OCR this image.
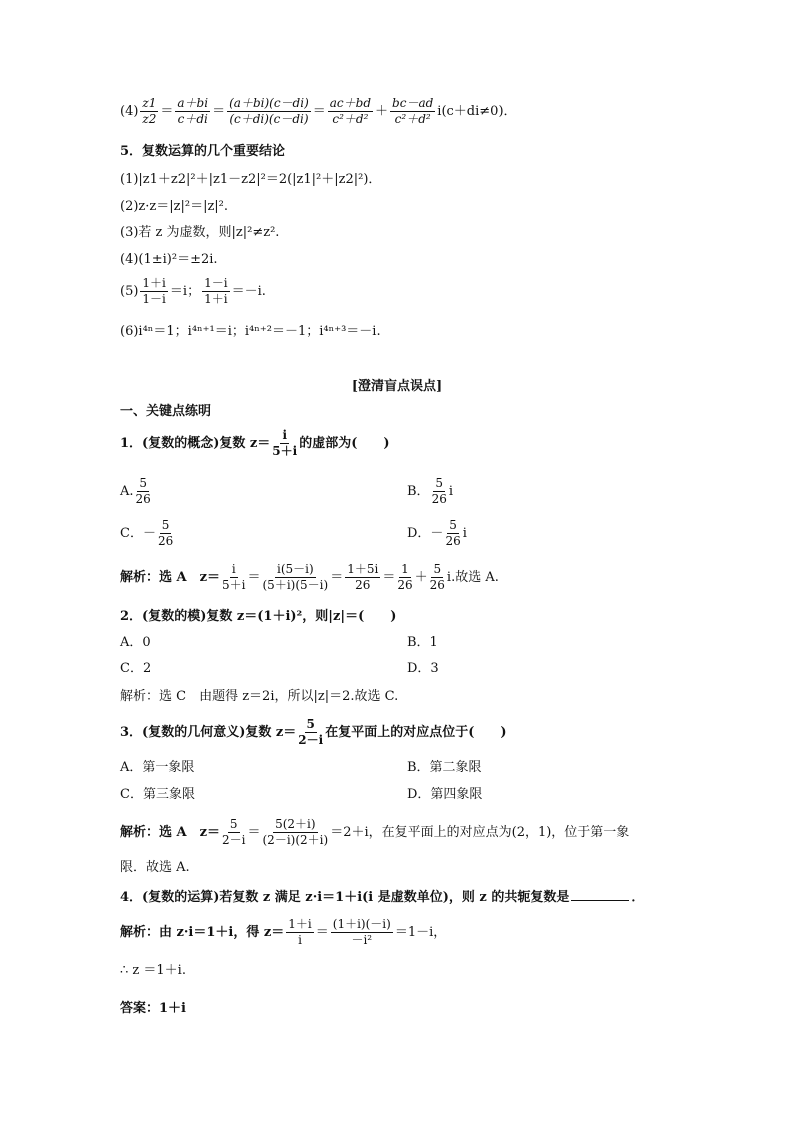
$(4) \frac{z1}{z2} = \frac{a+bi}{c+di} = \frac{(a+bi)(c-di)}{(c+di)(c-di)} = \frac{ac+bd}{\text{c²＋d²}} + \frac{bc-ad}{\text{c²＋d²}} i(c+di\ne 0)$．
5．复数运算的几个重要结论
(1)|z1＋z2|²＋|z1－z2|²＝2(|z1|²＋|z2|²)．
(2)z·z＝|z|²＝|z|².
(3)若 z 为虚数，则|z|²≠z².
(4)(1±i)²＝±2i.
$(5) \frac{1+i}{1-i} =i$； $\frac{1-i}{1+i} =-i$.
(6)i⁴ⁿ＝1；i⁴ⁿ⁺¹＝i；i⁴ⁿ⁺²＝－1；i⁴ⁿ⁺³＝－i.
[澄清盲点误点]
一、关键点练明
1．(复数的概念)复数 $z= \frac{i}{5+i}$ 的虚部为(　　)
A. $\frac{5}{26}$	B． $\frac{5}{26}$ i
C．－ $\frac{5}{26}$	D．－ $\frac{5}{26}$ i
解析：选 A　$z= \frac{i}{5+i} = \frac{i(5-i)}{(5+i)(5-i)} = \frac{1+5i}{26} = \frac{1}{26} + \frac{5}{26} i$.故选 A.
2．(复数的模)复数 z＝(1＋i)²，则|z|＝(　　)
A．0	B．1
C．2	D．3
解析：选 C　由题得 z＝2i，所以|z|＝2.故选 C.
3．(复数的几何意义)复数 $z= \frac{5}{2-i}$ 在复平面上的对应点位于(　　)
A．第一象限	B．第二象限
C．第三象限	D．第四象限
解析：选 A　$z= \frac{5}{2-i} = \frac{5(2+i)}{(2-i)(2+i)} =2+i$，在复平面上的对应点为(2，1)，位于第一象
限．故选 A.
4．(复数的运算)若复数 z 满足 z·i＝1＋i(i 是虚数单位)，则 z 的共轭复数是	．
解析：由 z·i＝1＋i，得 $z= \frac{1+i}{i} = \frac{(1+i)(-i)}{\text{－i²}} =1-i$，
∴ z ＝1＋i.
答案：1＋i
